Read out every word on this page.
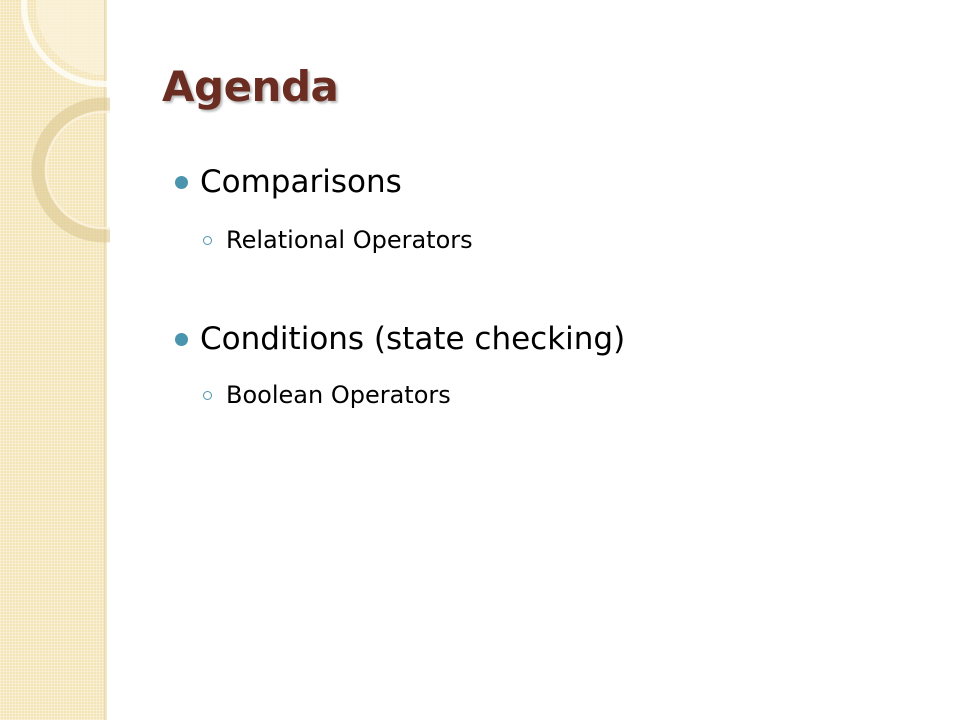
Agenda
Comparisons
Relational Operators
Conditions (state checking)
Boolean Operators
